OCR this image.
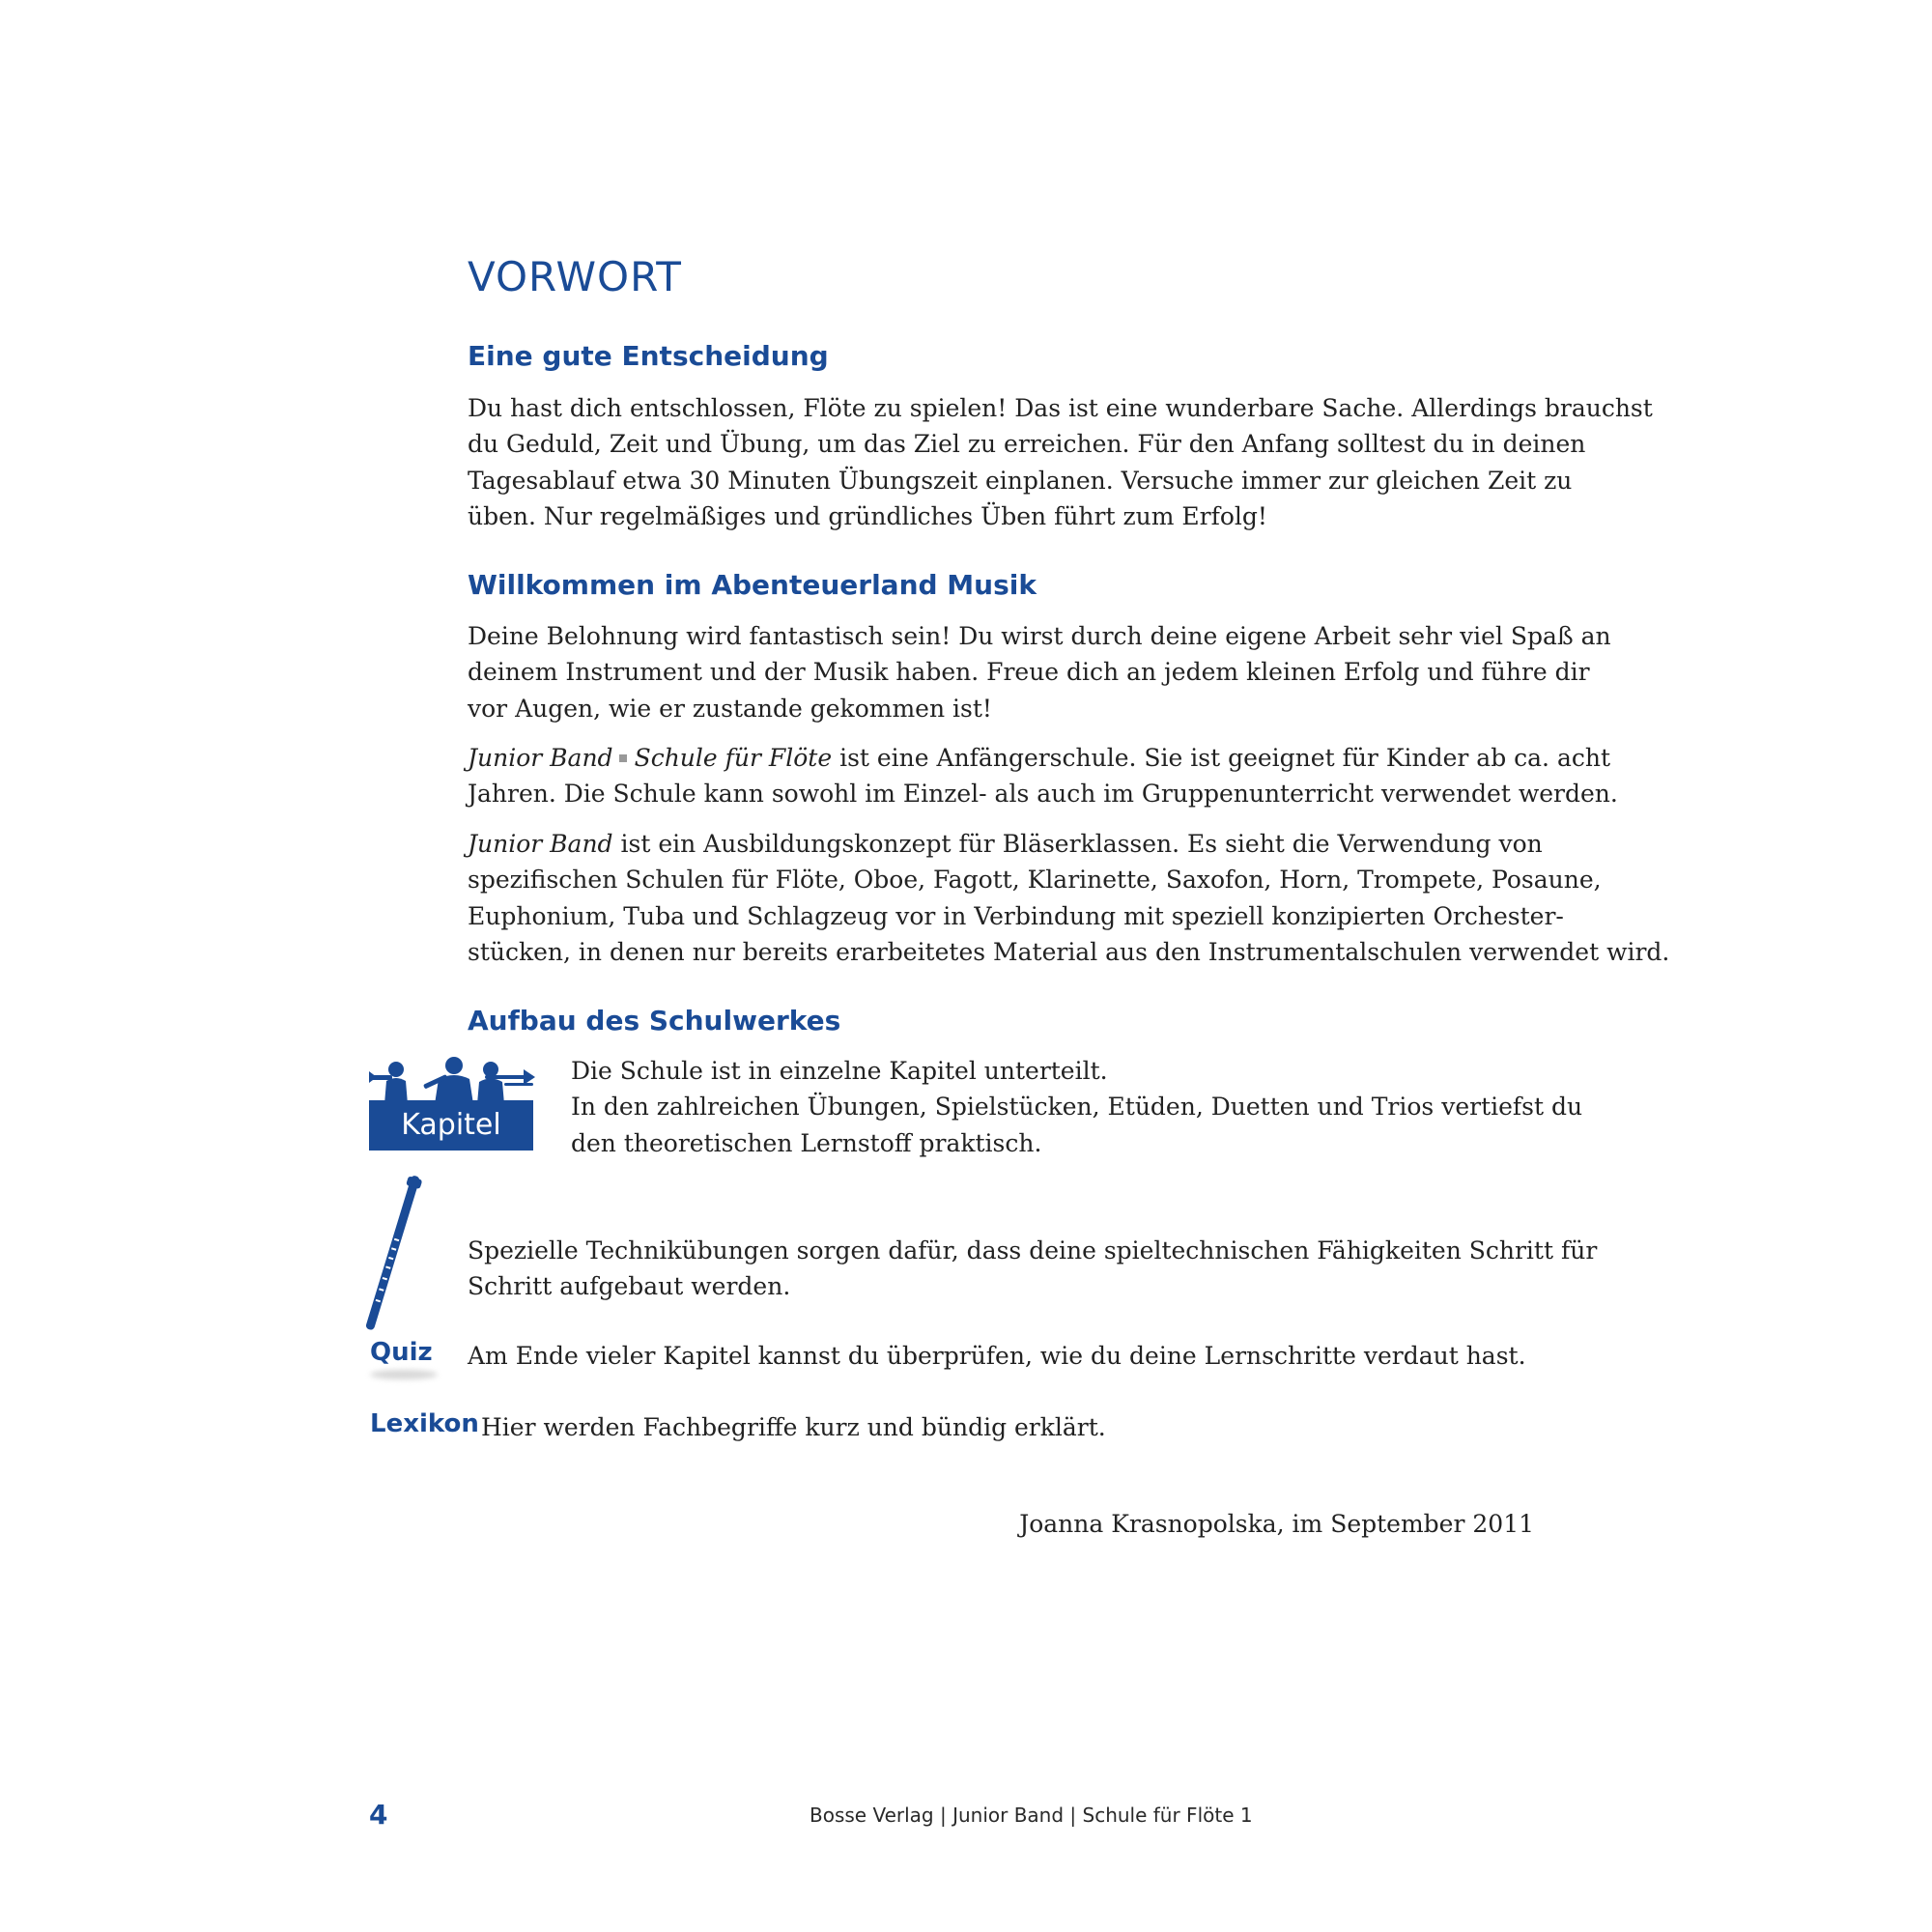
VORWORT
Eine gute Entscheidung

Du hast dich entschlossen, Flöte zu spielen! Das ist eine wunderbare Sache. Allerdings brauchst
du Geduld, Zeit und Übung, um das Ziel zu erreichen. Für den Anfang solltest du in deinen
Tagesablauf etwa 30 Minuten Übungszeit einplanen. Versuche immer zur gleichen Zeit zu
üben. Nur regelmäßiges und gründliches Üben führt zum Erfolg!

Willkommen im Abenteuerland Musik

Deine Belohnung wird fantastisch sein! Du wirst durch deine eigene Arbeit sehr viel Spaß an
deinem Instrument und der Musik haben. Freue dich an jedem kleinen Erfolg und führe dir
vor Augen, wie er zustande gekommen ist!

Junior Band Schule für Flöte ist eine Anfängerschule. Sie ist geeignet für Kinder ab ca. acht
Jahren. Die Schule kann sowohl im Einzel- als auch im Gruppenunterricht verwendet werden.

Junior Band ist ein Ausbildungskonzept für Bläserklassen. Es sieht die Verwendung von
spezifischen Schulen für Flöte, Oboe, Fagott, Klarinette, Saxofon, Horn, Trompete, Posaune,
Euphonium, Tuba und Schlagzeug vor in Verbindung mit speziell konzipierten Orchester-
stücken, in denen nur bereits erarbeitetes Material aus den Instrumentalschulen verwendet wird.

Aufbau des Schulwerkes
Kapitel

Die Schule ist in einzelne Kapitel unterteilt.
In den zahlreichen Übungen, Spielstücken, Etüden, Duetten und Trios vertiefst du
den theoretischen Lernstoff praktisch.

Spezielle Technikübungen sorgen dafür, dass deine spieltechnischen Fähigkeiten Schritt für
Schritt aufgebaut werden.

Quiz Am Ende vieler Kapitel kannst du überprüfen, wie du deine Lernschritte verdaut hast.

Lexikon Hier werden Fachbegriffe kurz und bündig erklärt.

Joanna Krasnopolska, im September 2011

4	Bosse Verlag | Junior Band | Schule für Flöte 1
